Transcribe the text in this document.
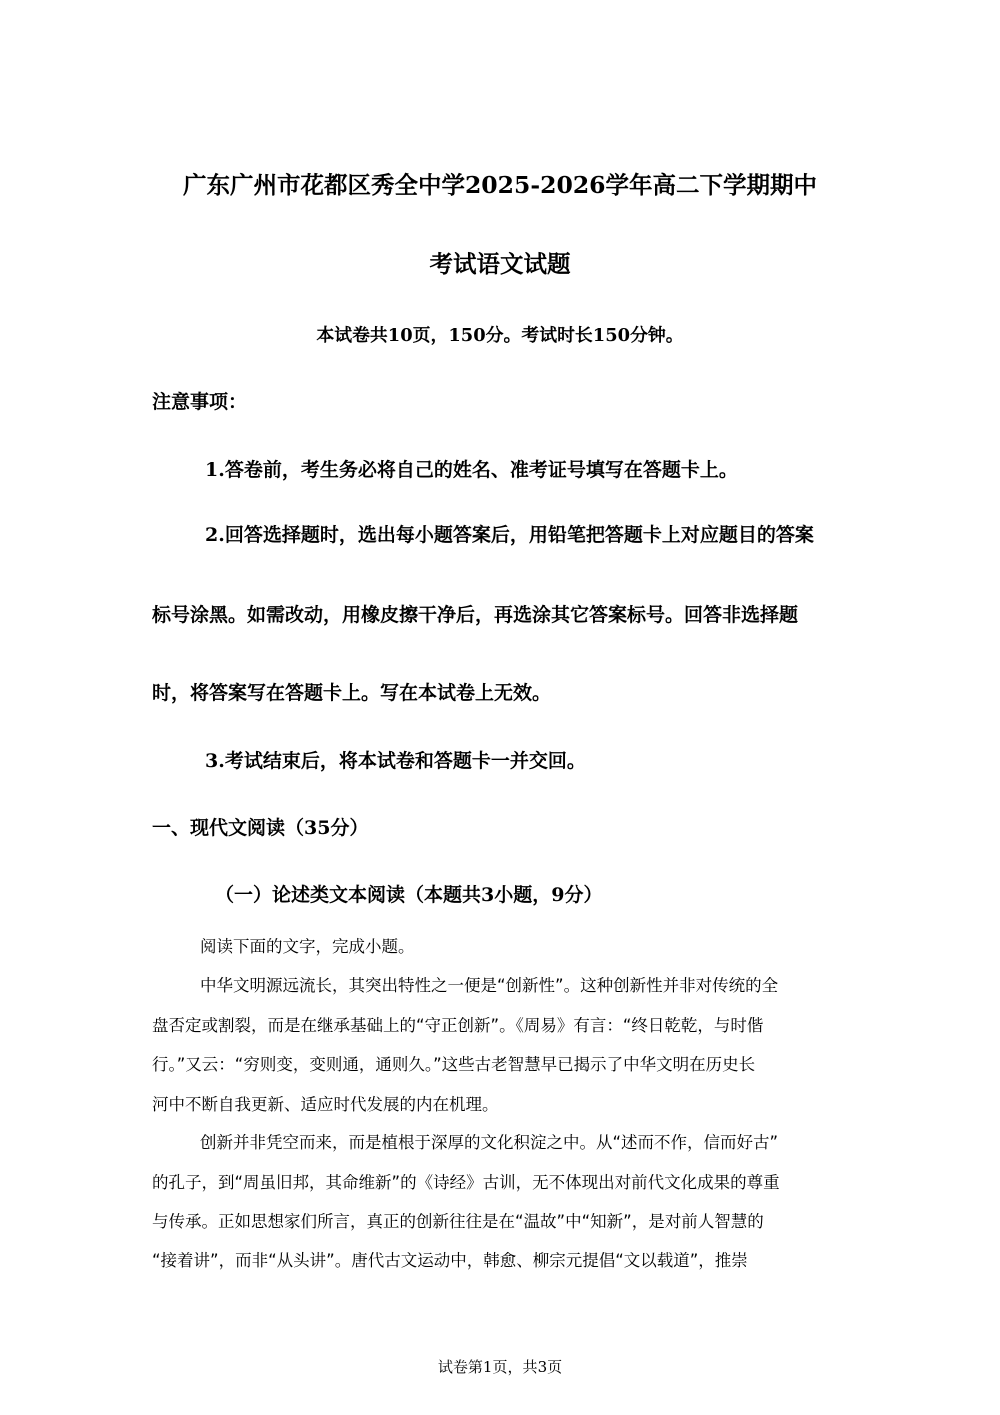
广东广州市花都区秀全中学2025-2026学年高二下学期期中
考试语文试题

本试卷共10页，150分。考试时长150分钟。

注意事项：

1.答卷前，考生务必将自己的姓名、准考证号填写在答题卡上。

2.回答选择题时，选出每小题答案后，用铅笔把答题卡上对应题目的答案

标号涂黑。如需改动，用橡皮擦干净后，再选涂其它答案标号。回答非选择题

时，将答案写在答题卡上。写在本试卷上无效。

3.考试结束后，将本试卷和答题卡一并交回。

一、现代文阅读（35分）
（一）论述类文本阅读（本题共3小题，9分）

阅读下面的文字，完成小题。

中华文明源远流长，其突出特性之一便是“创新性”。这种创新性并非对传统的全

盘否定或割裂，而是在继承基础上的“守正创新”。《周易》有言：“终日乾乾，与时偕

行。”又云：“穷则变，变则通，通则久。”这些古老智慧早已揭示了中华文明在历史长

河中不断自我更新、适应时代发展的内在机理。

创新并非凭空而来，而是植根于深厚的文化积淀之中。从“述而不作，信而好古”

的孔子，到“周虽旧邦，其命维新”的《诗经》古训，无不体现出对前代文化成果的尊重

与传承。正如思想家们所言，真正的创新往往是在“温故”中“知新”，是对前人智慧的

“接着讲”，而非“从头讲”。唐代古文运动中，韩愈、柳宗元提倡“文以载道”，推崇

试卷第1页，共3页
